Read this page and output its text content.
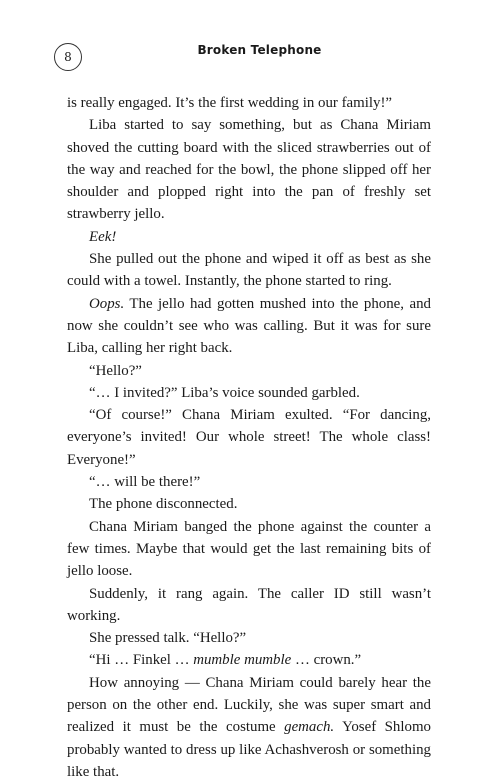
8	Broken Telephone

is really engaged. It’s the first wedding in our family!”

Liba started to say something, but as Chana Miriam shoved the cutting board with the sliced strawberries out of the way and reached for the bowl, the phone slipped off her shoulder and plopped right into the pan of freshly set strawberry jello.

Eek!

She pulled out the phone and wiped it off as best as she could with a towel. Instantly, the phone started to ring.

Oops. The jello had gotten mushed into the phone, and now she couldn’t see who was calling. But it was for sure Liba, calling her right back.

“Hello?”

“… I invited?” Liba’s voice sounded garbled.

“Of course!” Chana Miriam exulted. “For dancing, everyone’s invited! Our whole street! The whole class! Everyone!”

“… will be there!”

The phone disconnected.

Chana Miriam banged the phone against the counter a few times. Maybe that would get the last remaining bits of jello loose.

Suddenly, it rang again. The caller ID still wasn’t working.

She pressed talk. “Hello?”

“Hi … Finkel … mumble mumble … crown.”

How annoying — Chana Miriam could barely hear the person on the other end. Luckily, she was super smart and realized it must be the costume gemach. Yosef Shlomo probably wanted to dress up like Achashverosh or something like that.
